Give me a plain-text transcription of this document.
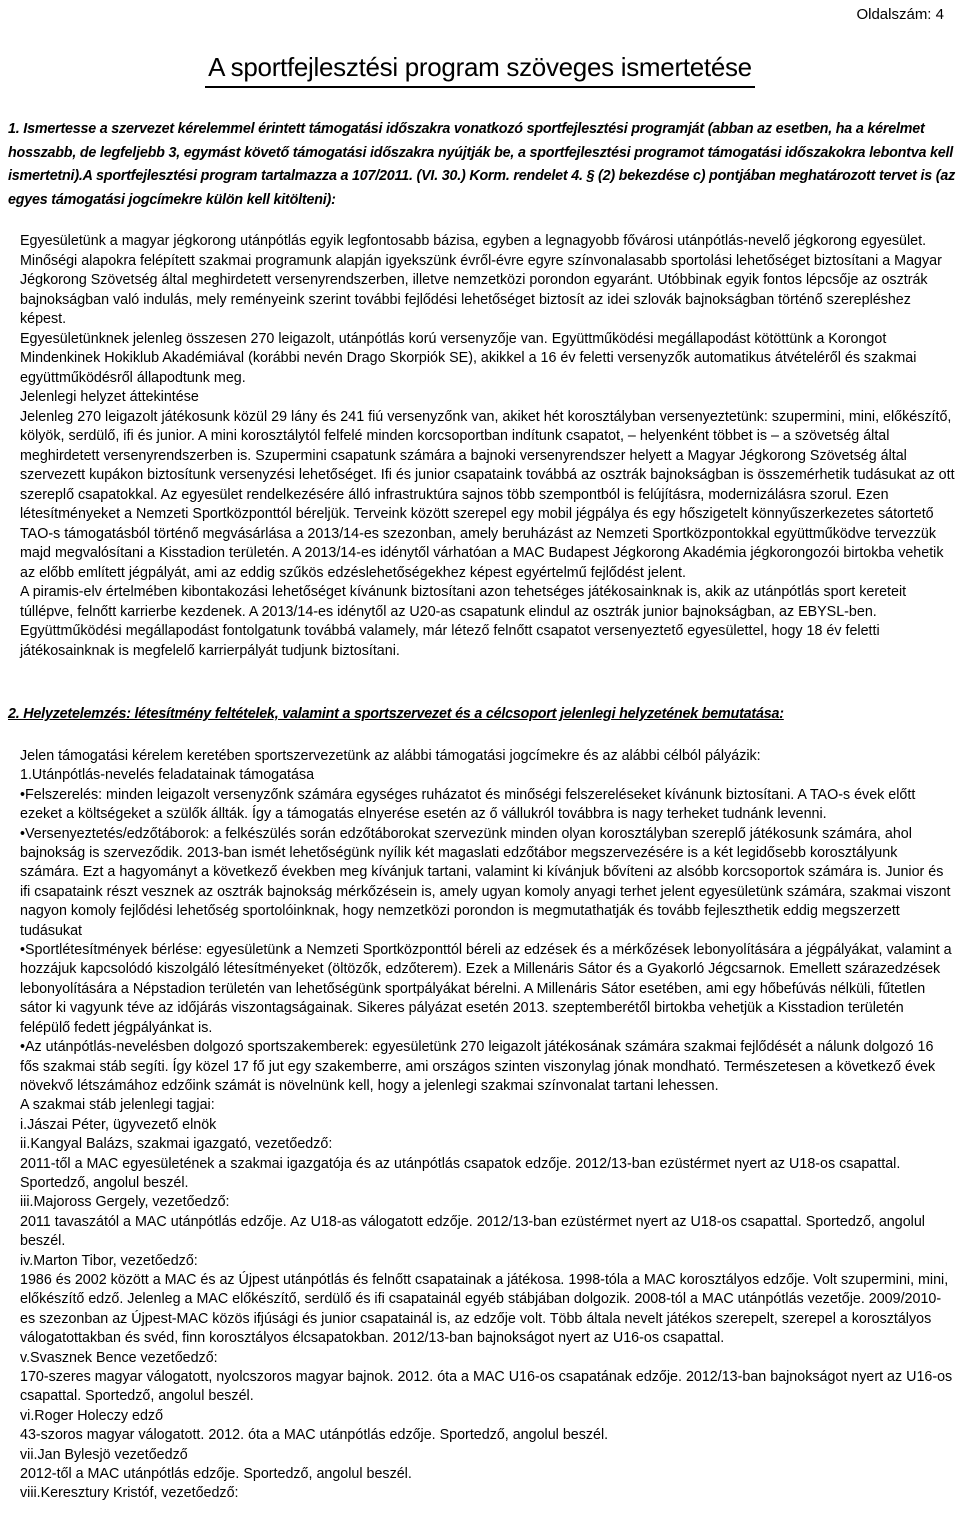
Oldalszám: 4
A sportfejlesztési program szöveges ismertetése

1. Ismertesse a szervezet kérelemmel érintett támogatási időszakra vonatkozó sportfejlesztési programját (abban az esetben, ha a kérelmet hosszabb, de legfeljebb 3, egymást követő támogatási időszakra nyújtják be, a sportfejlesztési programot támogatási időszakokra lebontva kell ismertetni).A sportfejlesztési program tartalmazza a 107/2011. (VI. 30.) Korm. rendelet 4. § (2) bekezdése c) pontjában meghatározott tervet is (az egyes támogatási jogcímekre külön kell kitölteni):

Egyesületünk a magyar jégkorong utánpótlás egyik legfontosabb bázisa, egyben a legnagyobb fővárosi utánpótlás-nevelő jégkorong egyesület. Minőségi alapokra felépített szakmai programunk alapján igyekszünk évről-évre egyre színvonalasabb sportolási lehetőséget biztosítani a Magyar Jégkorong Szövetség által meghirdetett versenyrendszerben, illetve nemzetközi porondon egyaránt. Utóbbinak egyik fontos lépcsője az osztrák bajnokságban való indulás, mely reményeink szerint további fejlődési lehetőséget biztosít az idei szlovák bajnokságban történő szerepléshez képest.

Egyesületünknek jelenleg összesen 270 leigazolt, utánpótlás korú versenyzője van. Együttműködési megállapodást kötöttünk a Korongot Mindenkinek Hokiklub Akadémiával (korábbi nevén Drago Skorpiók SE), akikkel a 16 év feletti versenyzők automatikus átvételéről és szakmai együttműködésről állapodtunk meg.

Jelenlegi helyzet áttekintése

Jelenleg 270 leigazolt játékosunk közül 29 lány és 241 fiú versenyzőnk van, akiket hét korosztályban versenyeztetünk: szupermini, mini, előkészítő, kölyök, serdülő, ifi és junior. A mini korosztálytól felfelé minden korcsoportban indítunk csapatot, – helyenként többet is – a szövetség által meghirdetett versenyrendszerben is. Szupermini csapatunk számára a bajnoki versenyrendszer helyett a Magyar Jégkorong Szövetség által szervezett kupákon biztosítunk versenyzési lehetőséget. Ifi és junior csapataink továbbá az osztrák bajnokságban is összemérhetik tudásukat az ott szereplő csapatokkal. Az egyesület rendelkezésére álló infrastruktúra sajnos több szempontból is felújításra, modernizálásra szorul. Ezen létesítményeket a Nemzeti Sportközponttól béreljük. Terveink között szerepel egy mobil jégpálya és egy hőszigetelt könnyűszerkezetes sátortető TAO-s támogatásból történő megvásárlása a 2013/14-es szezonban, amely beruházást az Nemzeti Sportközpontokkal együttműködve tervezzük majd megvalósítani a Kisstadion területén. A 2013/14-es idénytől várhatóan a MAC Budapest Jégkorong Akadémia jégkorongozói birtokba vehetik az előbb említett jégpályát, ami az eddig szűkös edzéslehetőségekhez képest egyértelmű fejlődést jelent.

A piramis-elv értelmében kibontakozási lehetőséget kívánunk biztosítani azon tehetséges játékosainknak is, akik az utánpótlás sport kereteit túllépve, felnőtt karrierbe kezdenek. A 2013/14-es idénytől az U20-as csapatunk elindul az osztrák junior bajnokságban, az EBYSL-ben. Együttműködési megállapodást fontolgatunk továbbá valamely, már létező felnőtt csapatot versenyeztető egyesülettel, hogy 18 év feletti játékosainknak is megfelelő karrierpályát tudjunk biztosítani.

2. Helyzetelemzés: létesítmény feltételek, valamint a sportszervezet és a célcsoport jelenlegi helyzetének bemutatása:

Jelen támogatási kérelem keretében sportszervezetünk az alábbi támogatási jogcímekre és az alábbi célból pályázik:

1.Utánpótlás-nevelés feladatainak támogatása

•Felszerelés: minden leigazolt versenyzőnk számára egységes ruházatot és minőségi felszereléseket kívánunk biztosítani. A TAO-s évek előtt ezeket a költségeket a szülők állták. Így a támogatás elnyerése esetén az ő vállukról továbbra is nagy terheket tudnánk levenni.

•Versenyeztetés/edzőtáborok: a felkészülés során edzőtáborokat szervezünk minden olyan korosztályban szereplő játékosunk számára, ahol bajnokság is szerveződik. 2013-ban ismét lehetőségünk nyílik két magaslati edzőtábor megszervezésére is a két legidősebb korosztályunk számára. Ezt a hagyományt a következő években meg kívánjuk tartani, valamint ki kívánjuk bővíteni az alsóbb korcsoportok számára is. Junior és ifi csapataink részt vesznek az osztrák bajnokság mérkőzésein is, amely ugyan komoly anyagi terhet jelent egyesületünk számára, szakmai viszont nagyon komoly fejlődési lehetőség sportolóinknak, hogy nemzetközi porondon is megmutathatják és tovább fejleszthetik eddig megszerzett tudásukat

•Sportlétesítmények bérlése: egyesületünk a Nemzeti Sportközponttól béreli az edzések és a mérkőzések lebonyolítására a jégpályákat, valamint a hozzájuk kapcsolódó kiszolgáló létesítményeket (öltözők, edzőterem). Ezek a Millenáris Sátor és a Gyakorló Jégcsarnok. Emellett szárazedzések lebonyolítására a Népstadion területén van lehetőségünk sportpályákat bérelni. A Millenáris Sátor esetében, ami egy hőbefúvás nélküli, fűtetlen sátor ki vagyunk téve az időjárás viszontagságainak. Sikeres pályázat esetén 2013. szeptemberétől birtokba vehetjük a Kisstadion területén felépülő fedett jégpályánkat is.

•Az utánpótlás-nevelésben dolgozó sportszakemberek: egyesületünk 270 leigazolt játékosának számára szakmai fejlődését a nálunk dolgozó 16 fős szakmai stáb segíti. Így közel 17 fő jut egy szakemberre, ami országos szinten viszonylag jónak mondható. Természetesen a következő évek növekvő létszámához edzőink számát is növelnünk kell, hogy a jelenlegi szakmai színvonalat tartani lehessen.

A szakmai stáb jelenlegi tagjai:

i.Jászai Péter, ügyvezető elnök

ii.Kangyal Balázs, szakmai igazgató, vezetőedző:

2011-től a MAC egyesületének a szakmai igazgatója és az utánpótlás csapatok edzője. 2012/13-ban ezüstérmet nyert az U18-os csapattal. Sportedző, angolul beszél.

iii.Majoross Gergely, vezetőedző:

2011 tavaszától a MAC utánpótlás edzője. Az U18-as válogatott edzője. 2012/13-ban ezüstérmet nyert az U18-os csapattal. Sportedző, angolul beszél.

iv.Marton Tibor, vezetőedző:

1986 és 2002 között a MAC és az Újpest utánpótlás és felnőtt csapatainak a játékosa. 1998-tóla a MAC korosztályos edzője. Volt szupermini, mini, előkészítő edző. Jelenleg a MAC előkészítő, serdülő és ifi csapatainál egyéb stábjában dolgozik. 2008-tól a MAC utánpótlás vezetője. 2009/2010-es szezonban az Újpest-MAC közös ifjúsági és junior csapatainál is, az edzője volt. Több általa nevelt játékos szerepelt, szerepel a korosztályos válogatottakban és svéd, finn korosztályos élcsapatokban. 2012/13-ban bajnokságot nyert az U16-os csapattal.

v.Svasznek Bence vezetőedző:

170-szeres magyar válogatott, nyolcszoros magyar bajnok. 2012. óta a MAC U16-os csapatának edzője. 2012/13-ban bajnokságot nyert az U16-os csapattal. Sportedző, angolul beszél.

vi.Roger Holeczy edző

43-szoros magyar válogatott. 2012. óta a MAC utánpótlás edzője. Sportedző, angolul beszél.

vii.Jan Bylesjö vezetőedző

2012-től a MAC utánpótlás edzője. Sportedző, angolul beszél.

viii.Keresztury Kristóf, vezetőedző:
